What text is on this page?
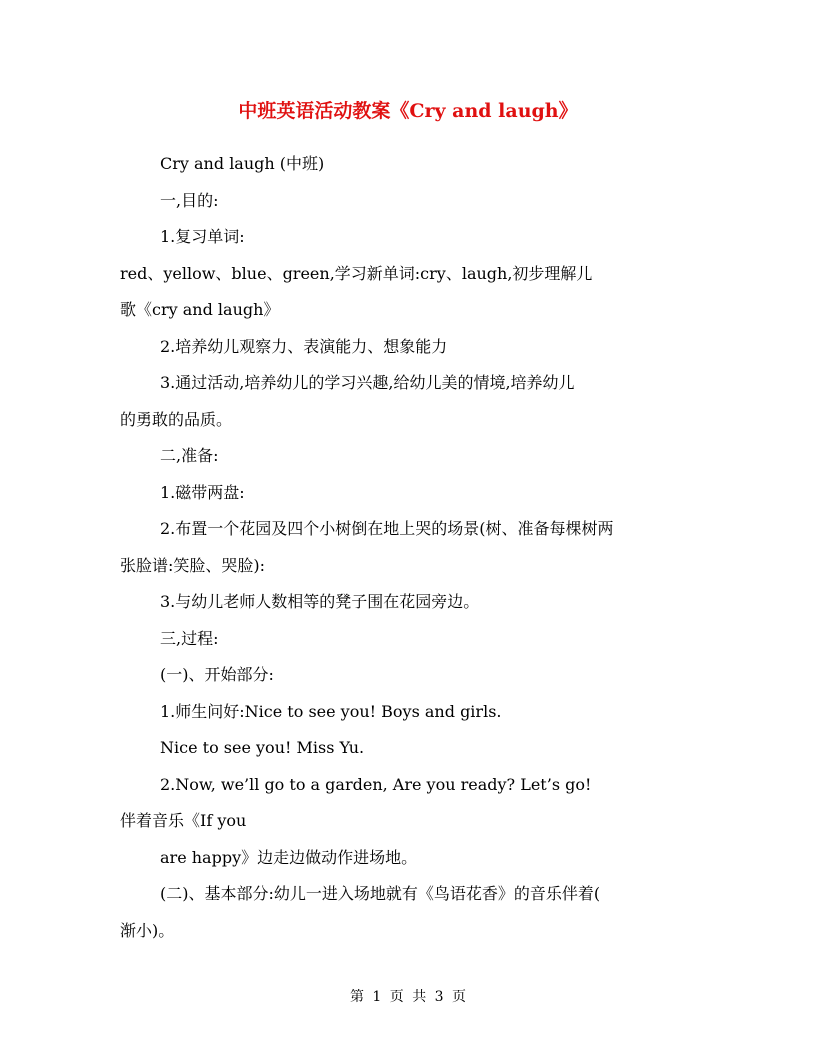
中班英语活动教案《Cry and laugh》

Cry and laugh (中班)

一,目的:

1.复习单词:

red、yellow、blue、green,学习新单词:cry、laugh,初步理解儿

歌《cry and laugh》

2.培养幼儿观察力、表演能力、想象能力

3.通过活动,培养幼儿的学习兴趣,给幼儿美的情境,培养幼儿

的勇敢的品质。

二,准备:

1.磁带两盘:

2.布置一个花园及四个小树倒在地上哭的场景(树、准备每棵树两

张脸谱:笑脸、哭脸):

3.与幼儿老师人数相等的凳子围在花园旁边。

三,过程:

(一)、开始部分:

1.师生问好:Nice to see you! Boys and girls.

Nice to see you! Miss Yu.

2.Now, we’ll go to a garden, Are you ready? Let’s go!

伴着音乐《If you

are happy》边走边做动作进场地。

(二)、基本部分:幼儿一进入场地就有《鸟语花香》的音乐伴着(

渐小)。

第 1 页 共 3 页
